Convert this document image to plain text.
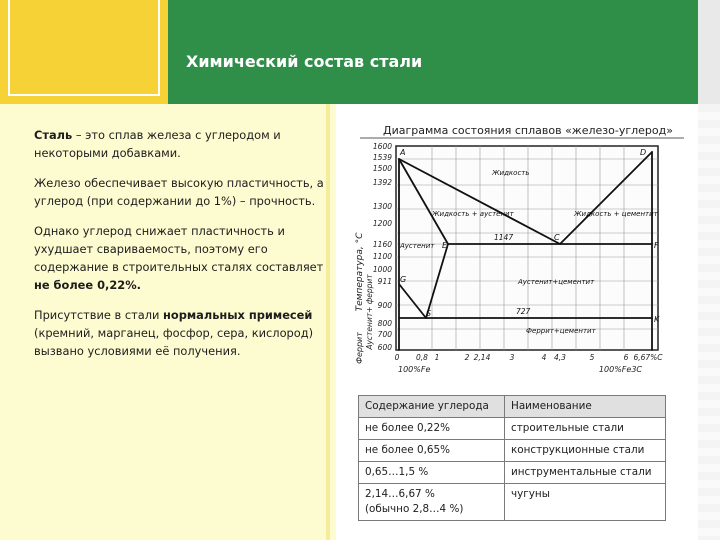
Химический состав стали

Сталь – это сплав железа с углеродом и некоторыми добавками.

Железо обеспечивает высокую пластичность, а углерод (при содержании до 1%) – прочность.

Однако углерод снижает пластичность и ухудшает свариваемость, поэтому его содержание в строительных сталях составляет не более 0,22%.

Присутствие в стали нормальных примесей (кремний, марганец, фосфор, сера, кислород) вызвано условиями её получения.

Диаграмма состояния сплавов «железо-углерод»
Температура, °С
Феррит Аустенит+ феррит
1600
1539
1500
1392
1300
1200
1160
1100
1000
911
900
800
700
600
0 0,8 1	2 2,14	3	4 4,3	5	6 6,67%C
100%Fe	100%Fe3C
A	D
E
C
F
G
S
K
1147
727
Жидкость
Жидкость + аустенит	Жидкость + цементит
Аустенит
Аустенит+цементит
Феррит+цементит
Содержание углерода	Наименование
не более 0,22%	строительные стали
не более 0,65%	конструкционные стали
0,65…1,5 %	инструментальные стали
2,14…6,67 %
(обычно 2,8…4 %)	чугуны
